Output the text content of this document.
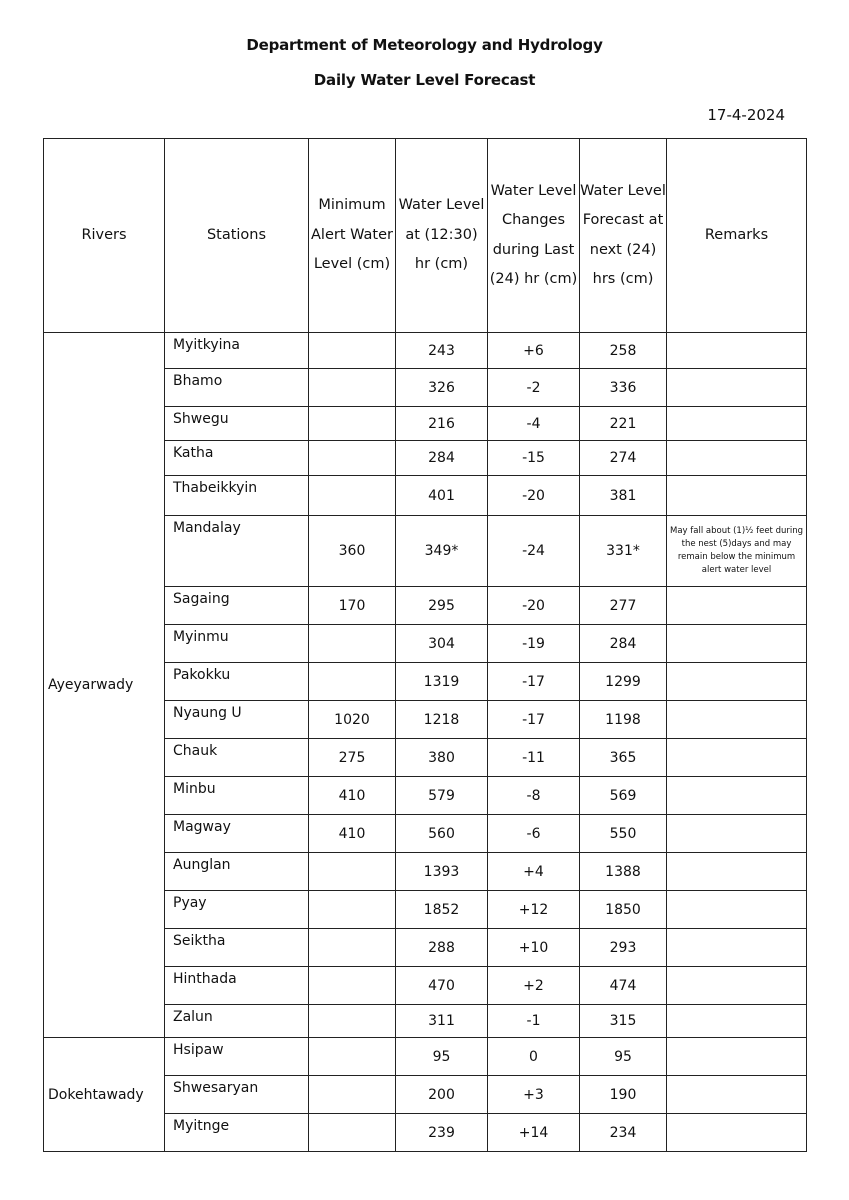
Department of Meteorology and Hydrology
Daily Water Level Forecast
17-4-2024
Rivers	Stations	Minimum Alert Water Level (cm)	Water Level at (12:30) hr (cm)	Water Level Changes during Last (24) hr (cm)	Water Level Forecast at next (24) hrs (cm)	Remarks
Ayeyarwady	Myitkyina		243	+6	258	
	Bhamo		326	-2	336	
	Shwegu		216	-4	221	
	Katha		284	-15	274	
	Thabeikkyin		401	-20	381	
	Mandalay	360	349*	-24	331*	May fall about (1)½ feet during the nest (5)days and may remain below the minimum alert water level
	Sagaing	170	295	-20	277	
	Myinmu		304	-19	284	
	Pakokku		1319	-17	1299	
	Nyaung U	1020	1218	-17	1198	
	Chauk	275	380	-11	365	
	Minbu	410	579	-8	569	
	Magway	410	560	-6	550	
	Aunglan		1393	+4	1388	
	Pyay		1852	+12	1850	
	Seiktha		288	+10	293	
	Hinthada		470	+2	474	
	Zalun		311	-1	315	
Dokehtawady	Hsipaw		95	0	95	
	Shwesaryan		200	+3	190	
	Myitnge		239	+14	234	
